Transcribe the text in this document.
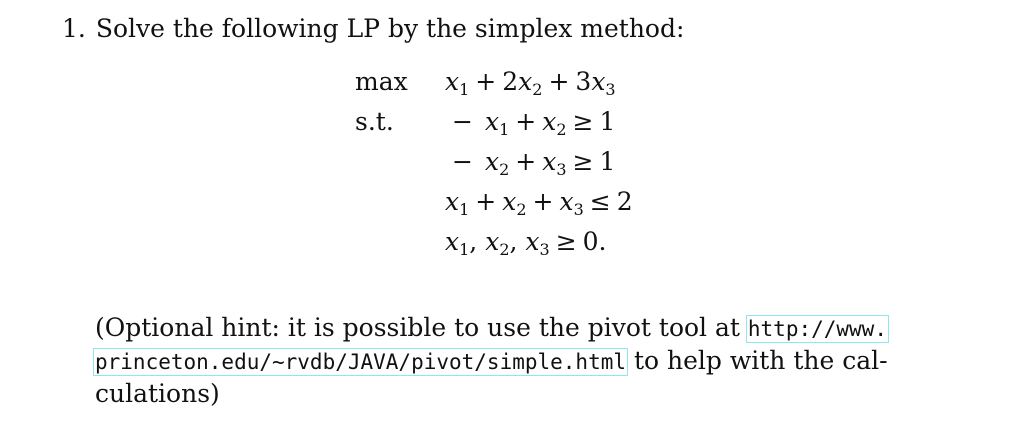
1. Solve the following LP by the simplex method:
$\max x_1 + 2x_2 + 3x_3$
s.t. − $x_1 + x_2 \ge 1$
− $x_2 + x_3 \ge 1$
$x_1 + x_2 + x_3 \le 2$
$x_1$, $x_2$, $x_3 \ge 0$.
(Optional hint: it is possible to use the pivot tool at http://www.
princeton.edu/~rvdb/JAVA/pivot/simple.html to help with the cal-
culations)
